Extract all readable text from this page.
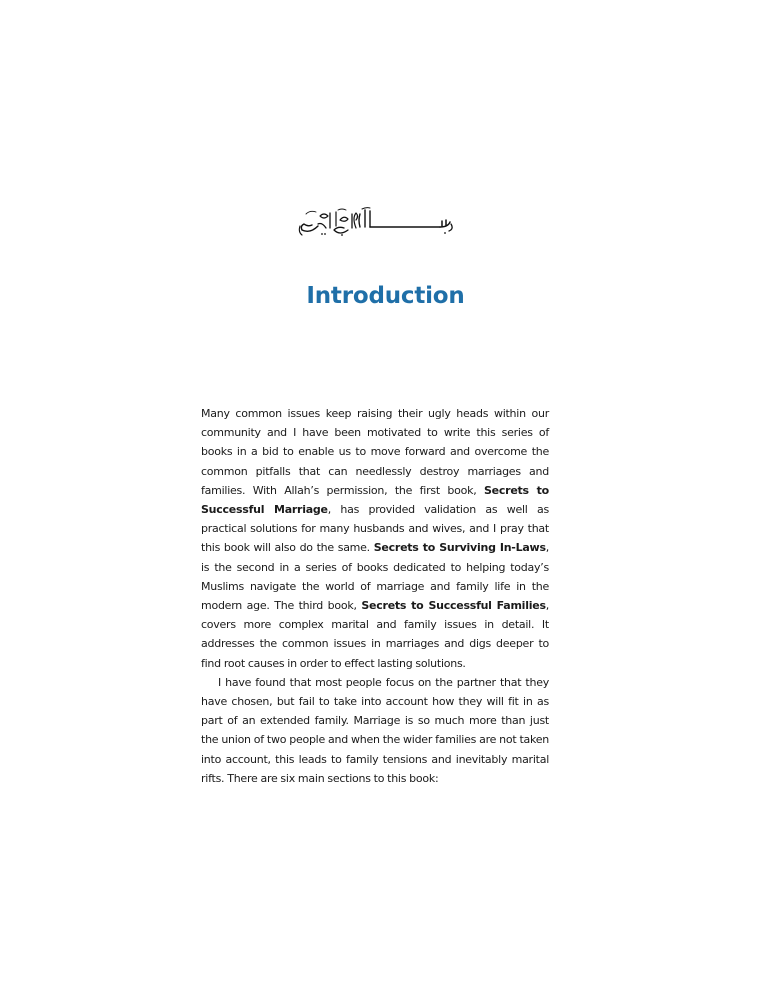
Introduction

Many common issues keep raising their ugly heads within our community and I have been motivated to write this series of books in a bid to enable us to move forward and overcome the common pitfalls that can needlessly destroy marriages and families. With Allah’s permission, the first book, Secrets to Successful Marriage, has provided validation as well as practical solutions for many husbands and wives, and I pray that this book will also do the same. Secrets to Surviving In-Laws, is the second in a series of books dedicated to helping today’s Muslims navigate the world of marriage and family life in the modern age. The third book, Secrets to Successful Families, covers more complex marital and family issues in detail. It addresses the common issues in marriages and digs deeper to find root causes in order to effect lasting solutions.

I have found that most people focus on the partner that they have chosen, but fail to take into account how they will fit in as part of an extended family. Marriage is so much more than just the union of two people and when the wider families are not taken into account, this leads to family tensions and inevitably marital rifts. There are six main sections to this book:
